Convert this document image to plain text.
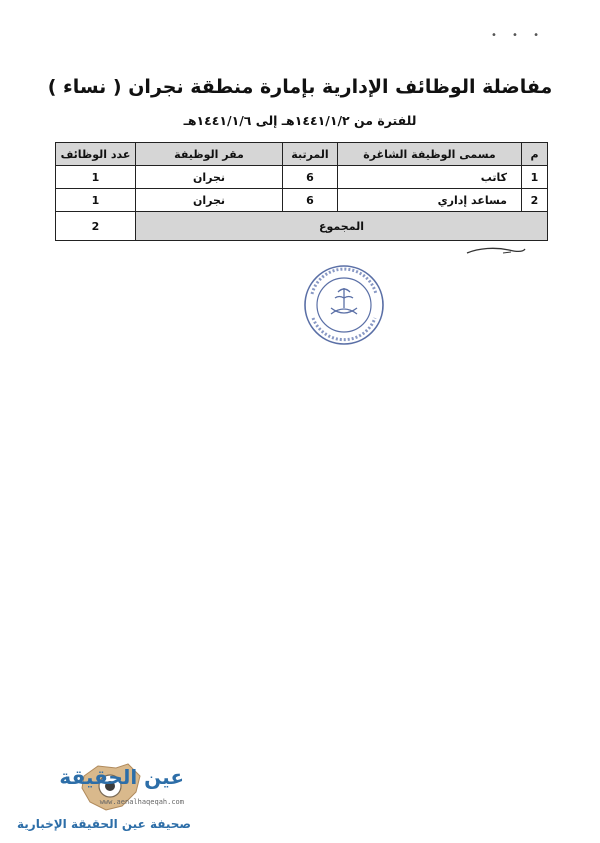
• • •
مفاضلة الوظائف الإدارية بإمارة منطقة نجران ( نساء )
للفترة من ١٤٤١/١/٢هـ إلى ١٤٤١/١/٦هـ
م	مسمى الوظيفة الشاغرة	المرتبة	مقر الوظيفة	عدد الوظائف
1	كاتب	6	نجران	1
2	مساعد إداري	6	نجران	1
المجموع				2
عين الحقيقة
www.aenalhaqeqah.com
صحيفة عين الحقيقة الإخبارية
